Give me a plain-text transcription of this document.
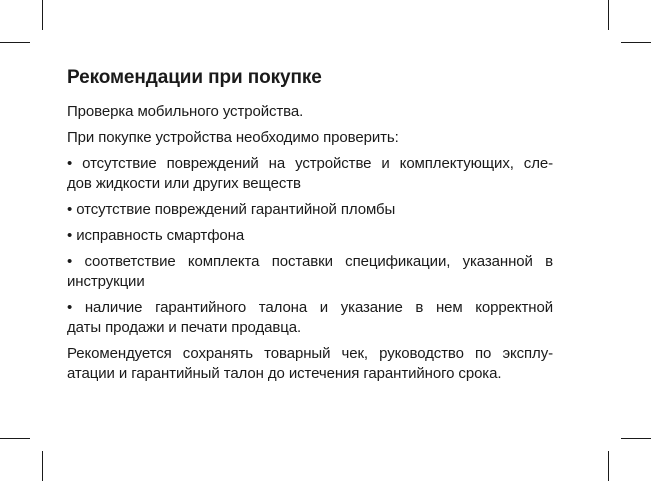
Рекомендации при покупке

Проверка мобильного устройства.

При покупке устройства необходимо проверить:

• отсутствие повреждений на устройстве и комплектующих, сле-
дов жидкости или других веществ

• отсутствие повреждений гарантийной пломбы

• исправность смартфона

• соответствие комплекта поставки спецификации, указанной в
инструкции

• наличие гарантийного талона и указание в нем корректной
даты продажи и печати продавца.

Рекомендуется сохранять товарный чек, руководство по эксплу-
атации и гарантийный талон до истечения гарантийного срока.
